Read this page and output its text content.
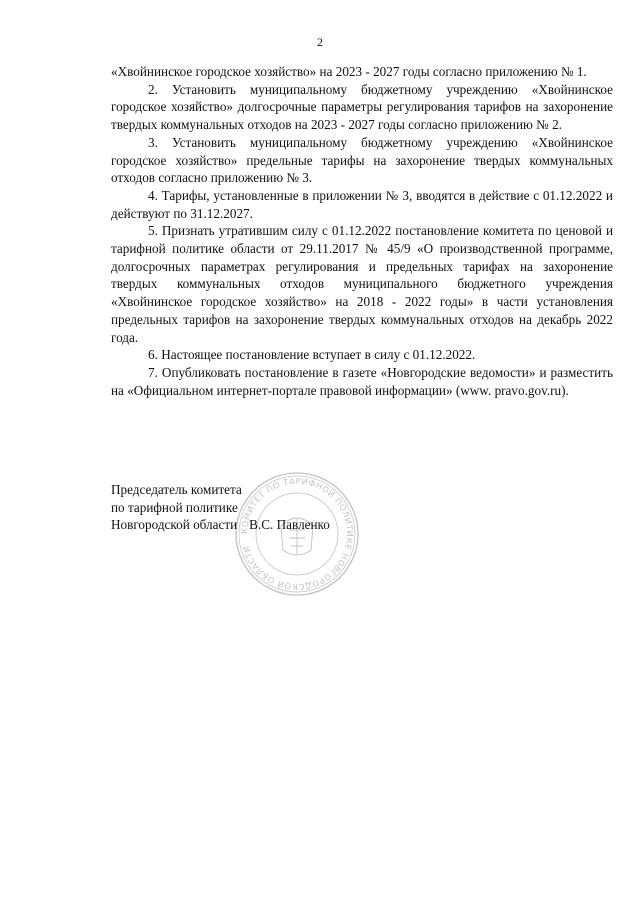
2

«Хвойнинское городское хозяйство» на 2023 - 2027 годы согласно приложению № 1.

2. Установить муниципальному бюджетному учреждению «Хвойнинское городское хозяйство» долгосрочные параметры регулирования тарифов на захоронение твердых коммунальных отходов на 2023 - 2027 годы согласно приложению № 2.

3. Установить муниципальному бюджетному учреждению «Хвойнинское городское хозяйство» предельные тарифы на захоронение твердых коммунальных отходов согласно приложению № 3.

4. Тарифы, установленные в приложении № 3, вводятся в действие с 01.12.2022 и действуют по 31.12.2027.

5. Признать утратившим силу с 01.12.2022 постановление комитета по ценовой и тарифной политике области от 29.11.2017 № 45/9 «О производственной программе, долгосрочных параметрах регулирования и предельных тарифах на захоронение твердых коммунальных отходов муниципального бюджетного учреждения «Хвойнинское городское хозяйство» на 2018 - 2022 годы» в части установления предельных тарифов на захоронение твердых коммунальных отходов на декабрь 2022 года.

6. Настоящее постановление вступает в силу с 01.12.2022.

7. Опубликовать постановление в газете «Новгородские ведомости» и разместить на «Официальном интернет-портале правовой информации» (www. pravo.gov.ru).

КОМИТЕТ ПО ТАРИФНОЙ ПОЛИТИКЕ НОВГОРОДСКОЙ ОБЛАСТИ
Председатель комитета
по тарифной политике
Новгородской области В.С. Павленко
